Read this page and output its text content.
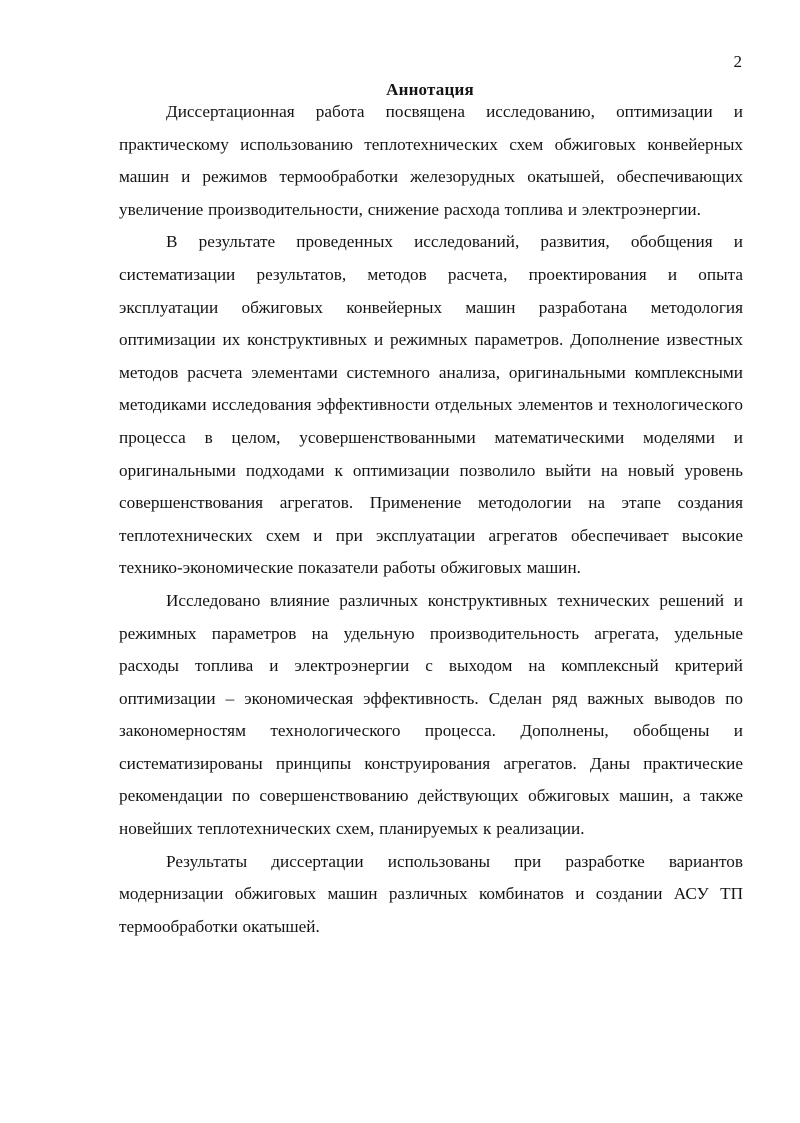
2
Аннотация

Диссертационная работа посвящена исследованию, оптимизации и практическому использованию теплотехнических схем обжиговых конвейерных машин и режимов термообработки железорудных окатышей, обеспечивающих увеличение производительности, снижение расхода топлива и электроэнергии.

В результате проведенных исследований, развития, обобщения и систематизации результатов, методов расчета, проектирования и опыта эксплуатации обжиговых конвейерных машин разработана методология оптимизации их конструктивных и режимных параметров. Дополнение известных методов расчета элементами системного анализа, оригинальными комплексными методиками исследования эффективности отдельных элементов и технологического процесса в целом, усовершенствованными математическими моделями и оригинальными подходами к оптимизации позволило выйти на новый уровень совершенствования агрегатов. Применение методологии на этапе создания теплотехнических схем и при эксплуатации агрегатов обеспечивает высокие технико-экономические показатели работы обжиговых машин.

Исследовано влияние различных конструктивных технических решений и режимных параметров на удельную производительность агрегата, удельные расходы топлива и электроэнергии с выходом на комплексный критерий оптимизации – экономическая эффективность. Сделан ряд важных выводов по закономерностям технологического процесса. Дополнены, обобщены и систематизированы принципы конструирования агрегатов. Даны практические рекомендации по совершенствованию действующих обжиговых машин, а также новейших теплотехнических схем, планируемых к реализации.

Результаты диссертации использованы при разработке вариантов модернизации обжиговых машин различных комбинатов и создании АСУ ТП термообработки окатышей.
